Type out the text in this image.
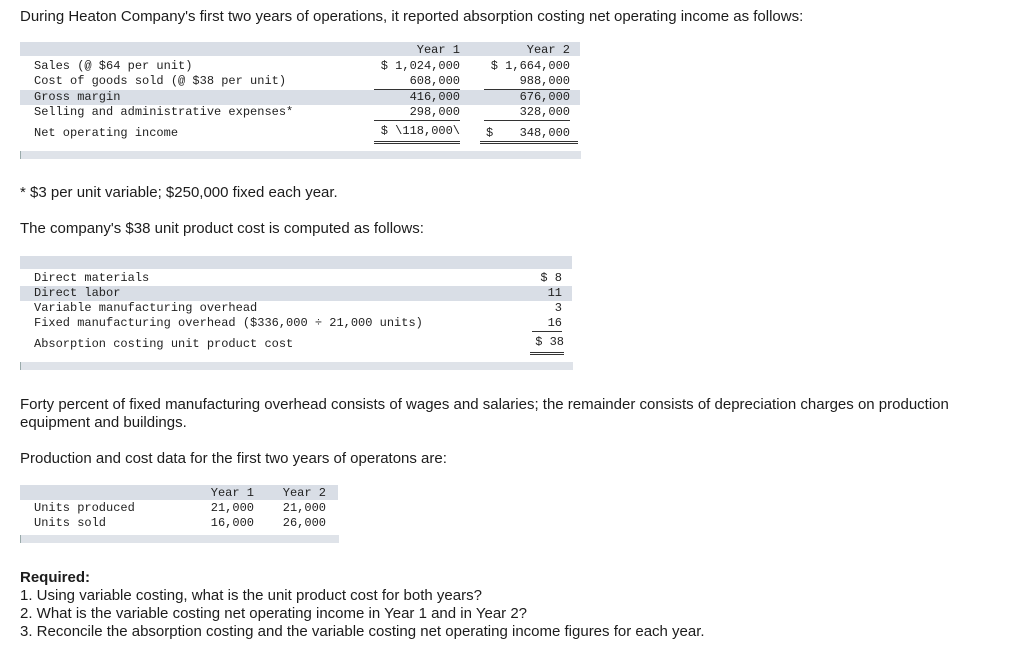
During Heaton Company's first two years of operations, it reported absorption costing net operating income as follows:

Year 1	Year 2
Sales (@ $64 per unit)	$ 1,024,000	$ 1,664,000
Cost of goods sold (@ $38 per unit)	608,000	988,000
Gross margin	416,000	676,000
Selling and administrative expenses*	298,000	328,000
Net operating income	$ \118,000\ $ 348,000

* $3 per unit variable; $250,000 fixed each year.

The company's $38 unit product cost is computed as follows:

Direct materials	$ 8
Direct labor	11
Variable manufacturing overhead	3
Fixed manufacturing overhead ($336,000 ÷ 21,000 units)	16
Absorption costing unit product cost	$ 38

Forty percent of fixed manufacturing overhead consists of wages and salaries; the remainder consists of depreciation charges on production equipment and buildings.

Production and cost data for the first two years of operatons are:

Year 1	Year 2
Units produced	21,000	21,000
Units sold	16,000	26,000

Required:

1. Using variable costing, what is the unit product cost for both years?

2. What is the variable costing net operating income in Year 1 and in Year 2?

3. Reconcile the absorption costing and the variable costing net operating income figures for each year.
